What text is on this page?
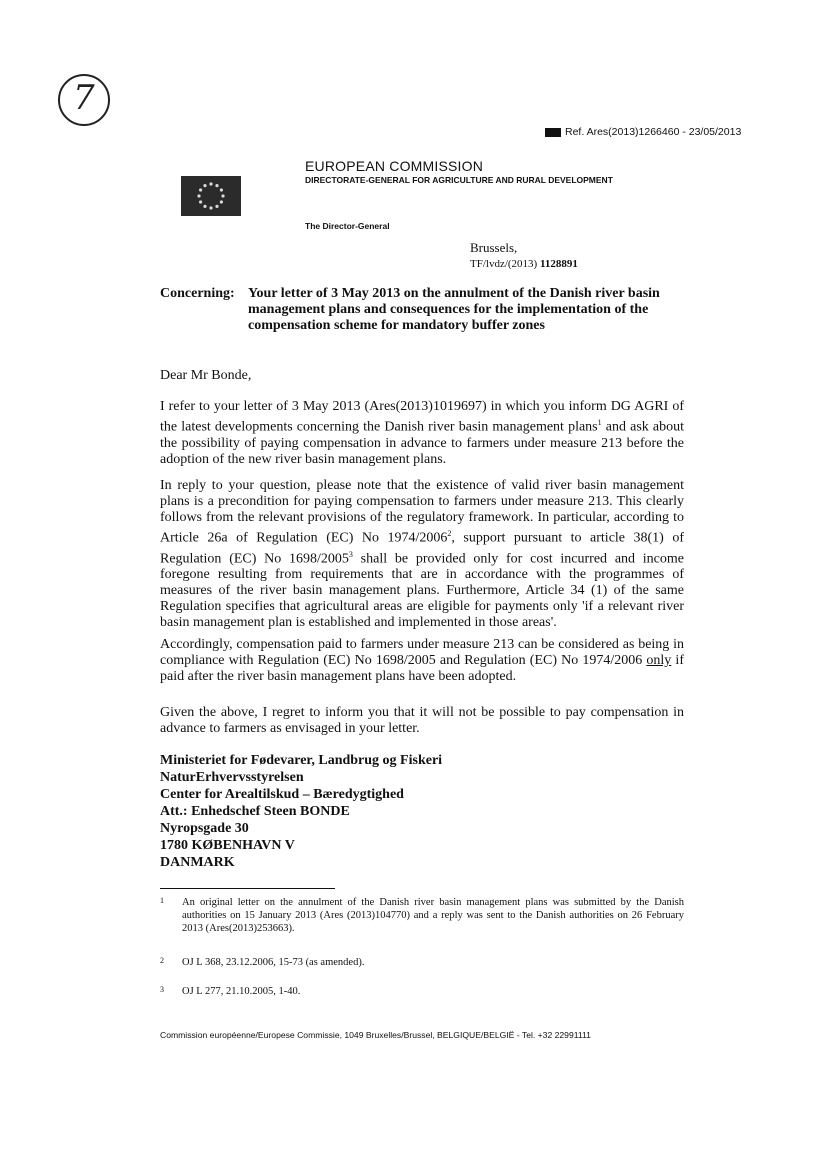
7
Ref. Ares(2013)1266460 - 23/05/2013
EUROPEAN COMMISSION
DIRECTORATE-GENERAL FOR AGRICULTURE AND RURAL DEVELOPMENT
The Director-General
Brussels,
TF/lvdz/(2013) 1128891
Concerning: Your letter of 3 May 2013 on the annulment of the Danish river basin management plans and consequences for the implementation of the compensation scheme for mandatory buffer zones
Dear Mr Bonde,
I refer to your letter of 3 May 2013 (Ares(2013)1019697) in which you inform DG AGRI of the latest developments concerning the Danish river basin management plans$^1$ and ask about the possibility of paying compensation in advance to farmers under measure 213 before the adoption of the new river basin management plans.
In reply to your question, please note that the existence of valid river basin management plans is a precondition for paying compensation to farmers under measure 213. This clearly follows from the relevant provisions of the regulatory framework. In particular, according to Article 26a of Regulation (EC) No 1974/2006$^2$, support pursuant to article 38(1) of Regulation (EC) No 1698/2005$^3$ shall be provided only for cost incurred and income foregone resulting from requirements that are in accordance with the programmes of measures of the river basin management plans. Furthermore, Article 34 (1) of the same Regulation specifies that agricultural areas are eligible for payments only 'if a relevant river basin management plan is established and implemented in those areas'.
Accordingly, compensation paid to farmers under measure 213 can be considered as being in compliance with Regulation (EC) No 1698/2005 and Regulation (EC) No 1974/2006 only if paid after the river basin management plans have been adopted.
Given the above, I regret to inform you that it will not be possible to pay compensation in advance to farmers as envisaged in your letter.
Ministeriet for Fødevarer, Landbrug og Fiskeri
NaturErhvervsstyrelsen
Center for Arealtilskud – Bæredygtighed
Att.: Enhedschef Steen BONDE
Nyropsgade 30
1780 KØBENHAVN V
DANMARK
1 An original letter on the annulment of the Danish river basin management plans was submitted by the Danish authorities on 15 January 2013 (Ares (2013)104770) and a reply was sent to the Danish authorities on 26 February 2013 (Ares(2013)253663).
2 OJ L 368, 23.12.2006, 15-73 (as amended).
3 OJ L 277, 21.10.2005, 1-40.
Commission européenne/Europese Commissie, 1049 Bruxelles/Brussel, BELGIQUE/BELGIË - Tel. +32 22991111
